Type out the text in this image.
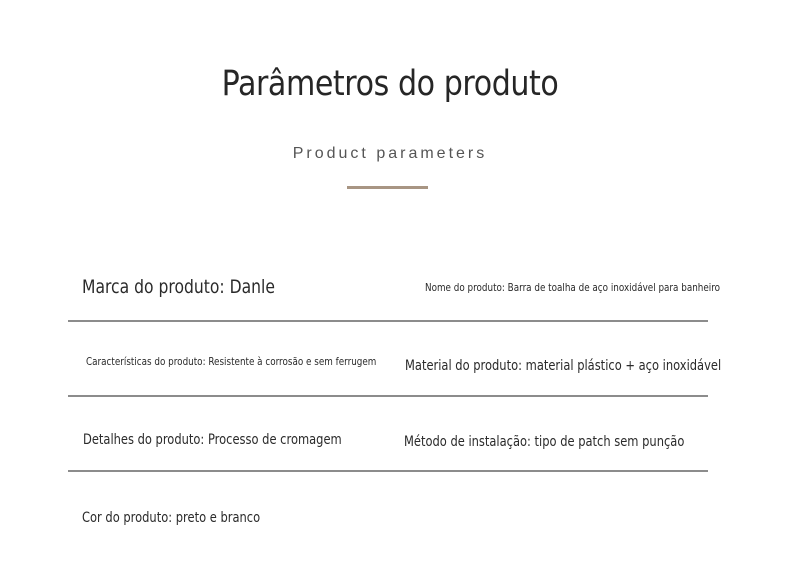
Parâmetros do produto
Product parameters
Marca do produto: Danle	Nome do produto: Barra de toalha de aço inoxidável para banheiro
Características do produto: Resistente à corrosão e sem ferrugem Material do produto: material plástico + aço inoxidável
Detalhes do produto: Processo de cromagem	Método de instalação: tipo de patch sem punção
Cor do produto: preto e branco
